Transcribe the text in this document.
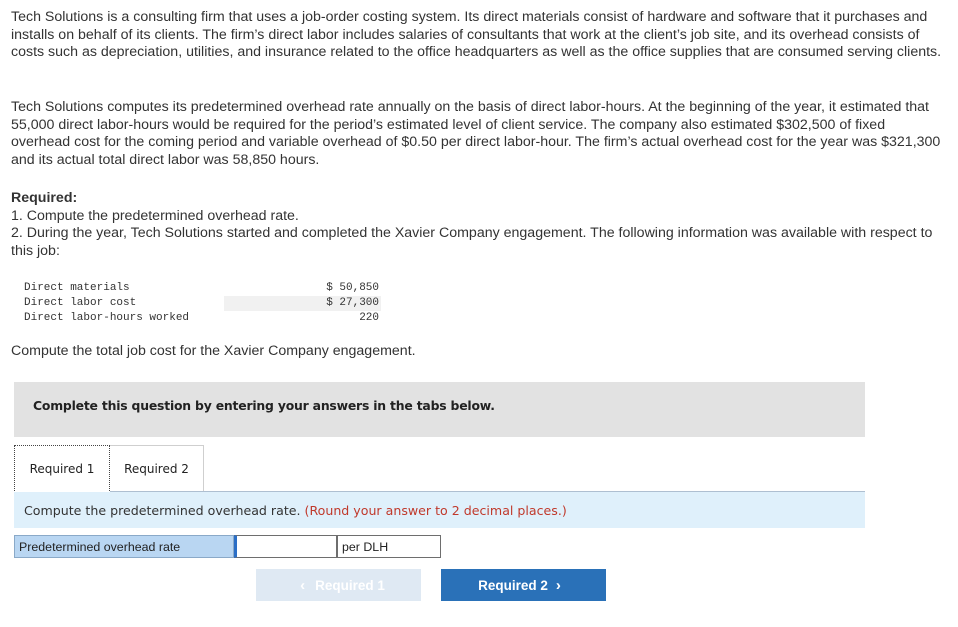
Tech Solutions is a consulting firm that uses a job-order costing system. Its direct materials consist of hardware and software that it purchases and installs on behalf of its clients. The firm’s direct labor includes salaries of consultants that work at the client’s job site, and its overhead consists of costs such as depreciation, utilities, and insurance related to the office headquarters as well as the office supplies that are consumed serving clients.

Tech Solutions computes its predetermined overhead rate annually on the basis of direct labor-hours. At the beginning of the year, it estimated that 55,000 direct labor-hours would be required for the period’s estimated level of client service. The company also estimated $302,500 of fixed overhead cost for the coming period and variable overhead of $0.50 per direct labor-hour. The firm’s actual overhead cost for the year was $321,300 and its actual total direct labor was 58,850 hours.

Required:
1. Compute the predetermined overhead rate.
2. During the year, Tech Solutions started and completed the Xavier Company engagement. The following information was available with respect to this job:
Direct materials	$ 50,850
Direct labor cost	$ 27,300
Direct labor-hours worked	220

Compute the total job cost for the Xavier Company engagement.

Complete this question by entering your answers in the tabs below.
Required 1	Required 2
Compute the predetermined overhead rate. (Round your answer to 2 decimal places.)
Predetermined overhead rate	per DLH
‹ Required 1	Required 2 ›
